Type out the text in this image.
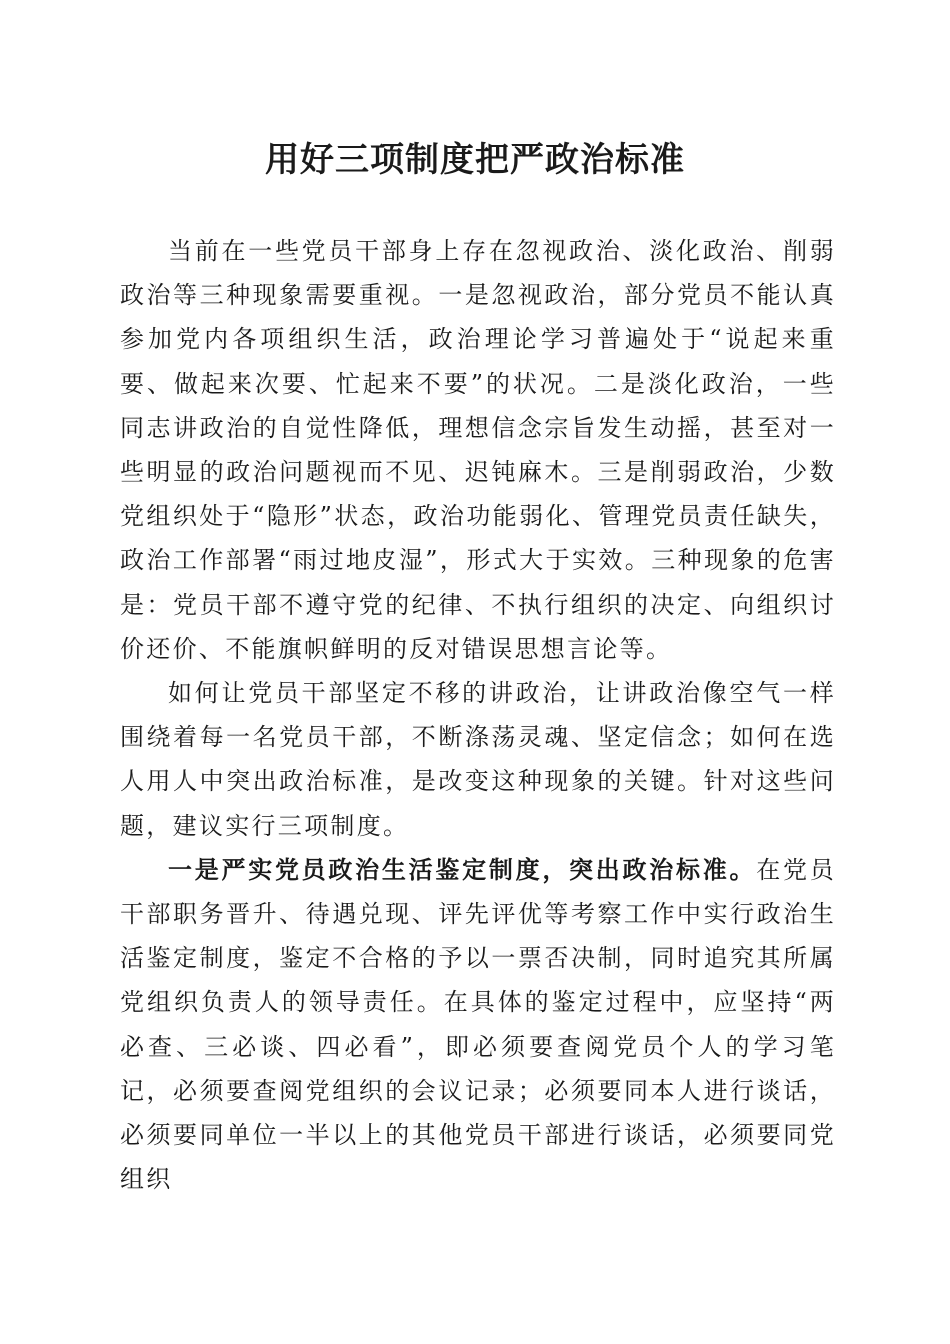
用好三项制度把严政治标准

当前在一些党员干部身上存在忽视政治、淡化政治、削弱政治等三种现象需要重视。一是忽视政治，部分党员不能认真参加党内各项组织生活，政治理论学习普遍处于“说起来重要、做起来次要、忙起来不要”的状况。二是淡化政治，一些同志讲政治的自觉性降低，理想信念宗旨发生动摇，甚至对一些明显的政治问题视而不见、迟钝麻木。三是削弱政治，少数党组织处于“隐形”状态，政治功能弱化、管理党员责任缺失，政治工作部署“雨过地皮湿”，形式大于实效。三种现象的危害是：党员干部不遵守党的纪律、不执行组织的决定、向组织讨价还价、不能旗帜鲜明的反对错误思想言论等。

如何让党员干部坚定不移的讲政治，让讲政治像空气一样围绕着每一名党员干部，不断涤荡灵魂、坚定信念；如何在选人用人中突出政治标准，是改变这种现象的关键。针对这些问题，建议实行三项制度。

一是严实党员政治生活鉴定制度，突出政治标准。在党员干部职务晋升、待遇兑现、评先评优等考察工作中实行政治生活鉴定制度，鉴定不合格的予以一票否决制，同时追究其所属党组织负责人的领导责任。在具体的鉴定过程中，应坚持“两必查、三必谈、四必看”，即必须要查阅党员个人的学习笔记，必须要查阅党组织的会议记录；必须要同本人进行谈话，必须要同单位一半以上的其他党员干部进行谈话，必须要同党组织
